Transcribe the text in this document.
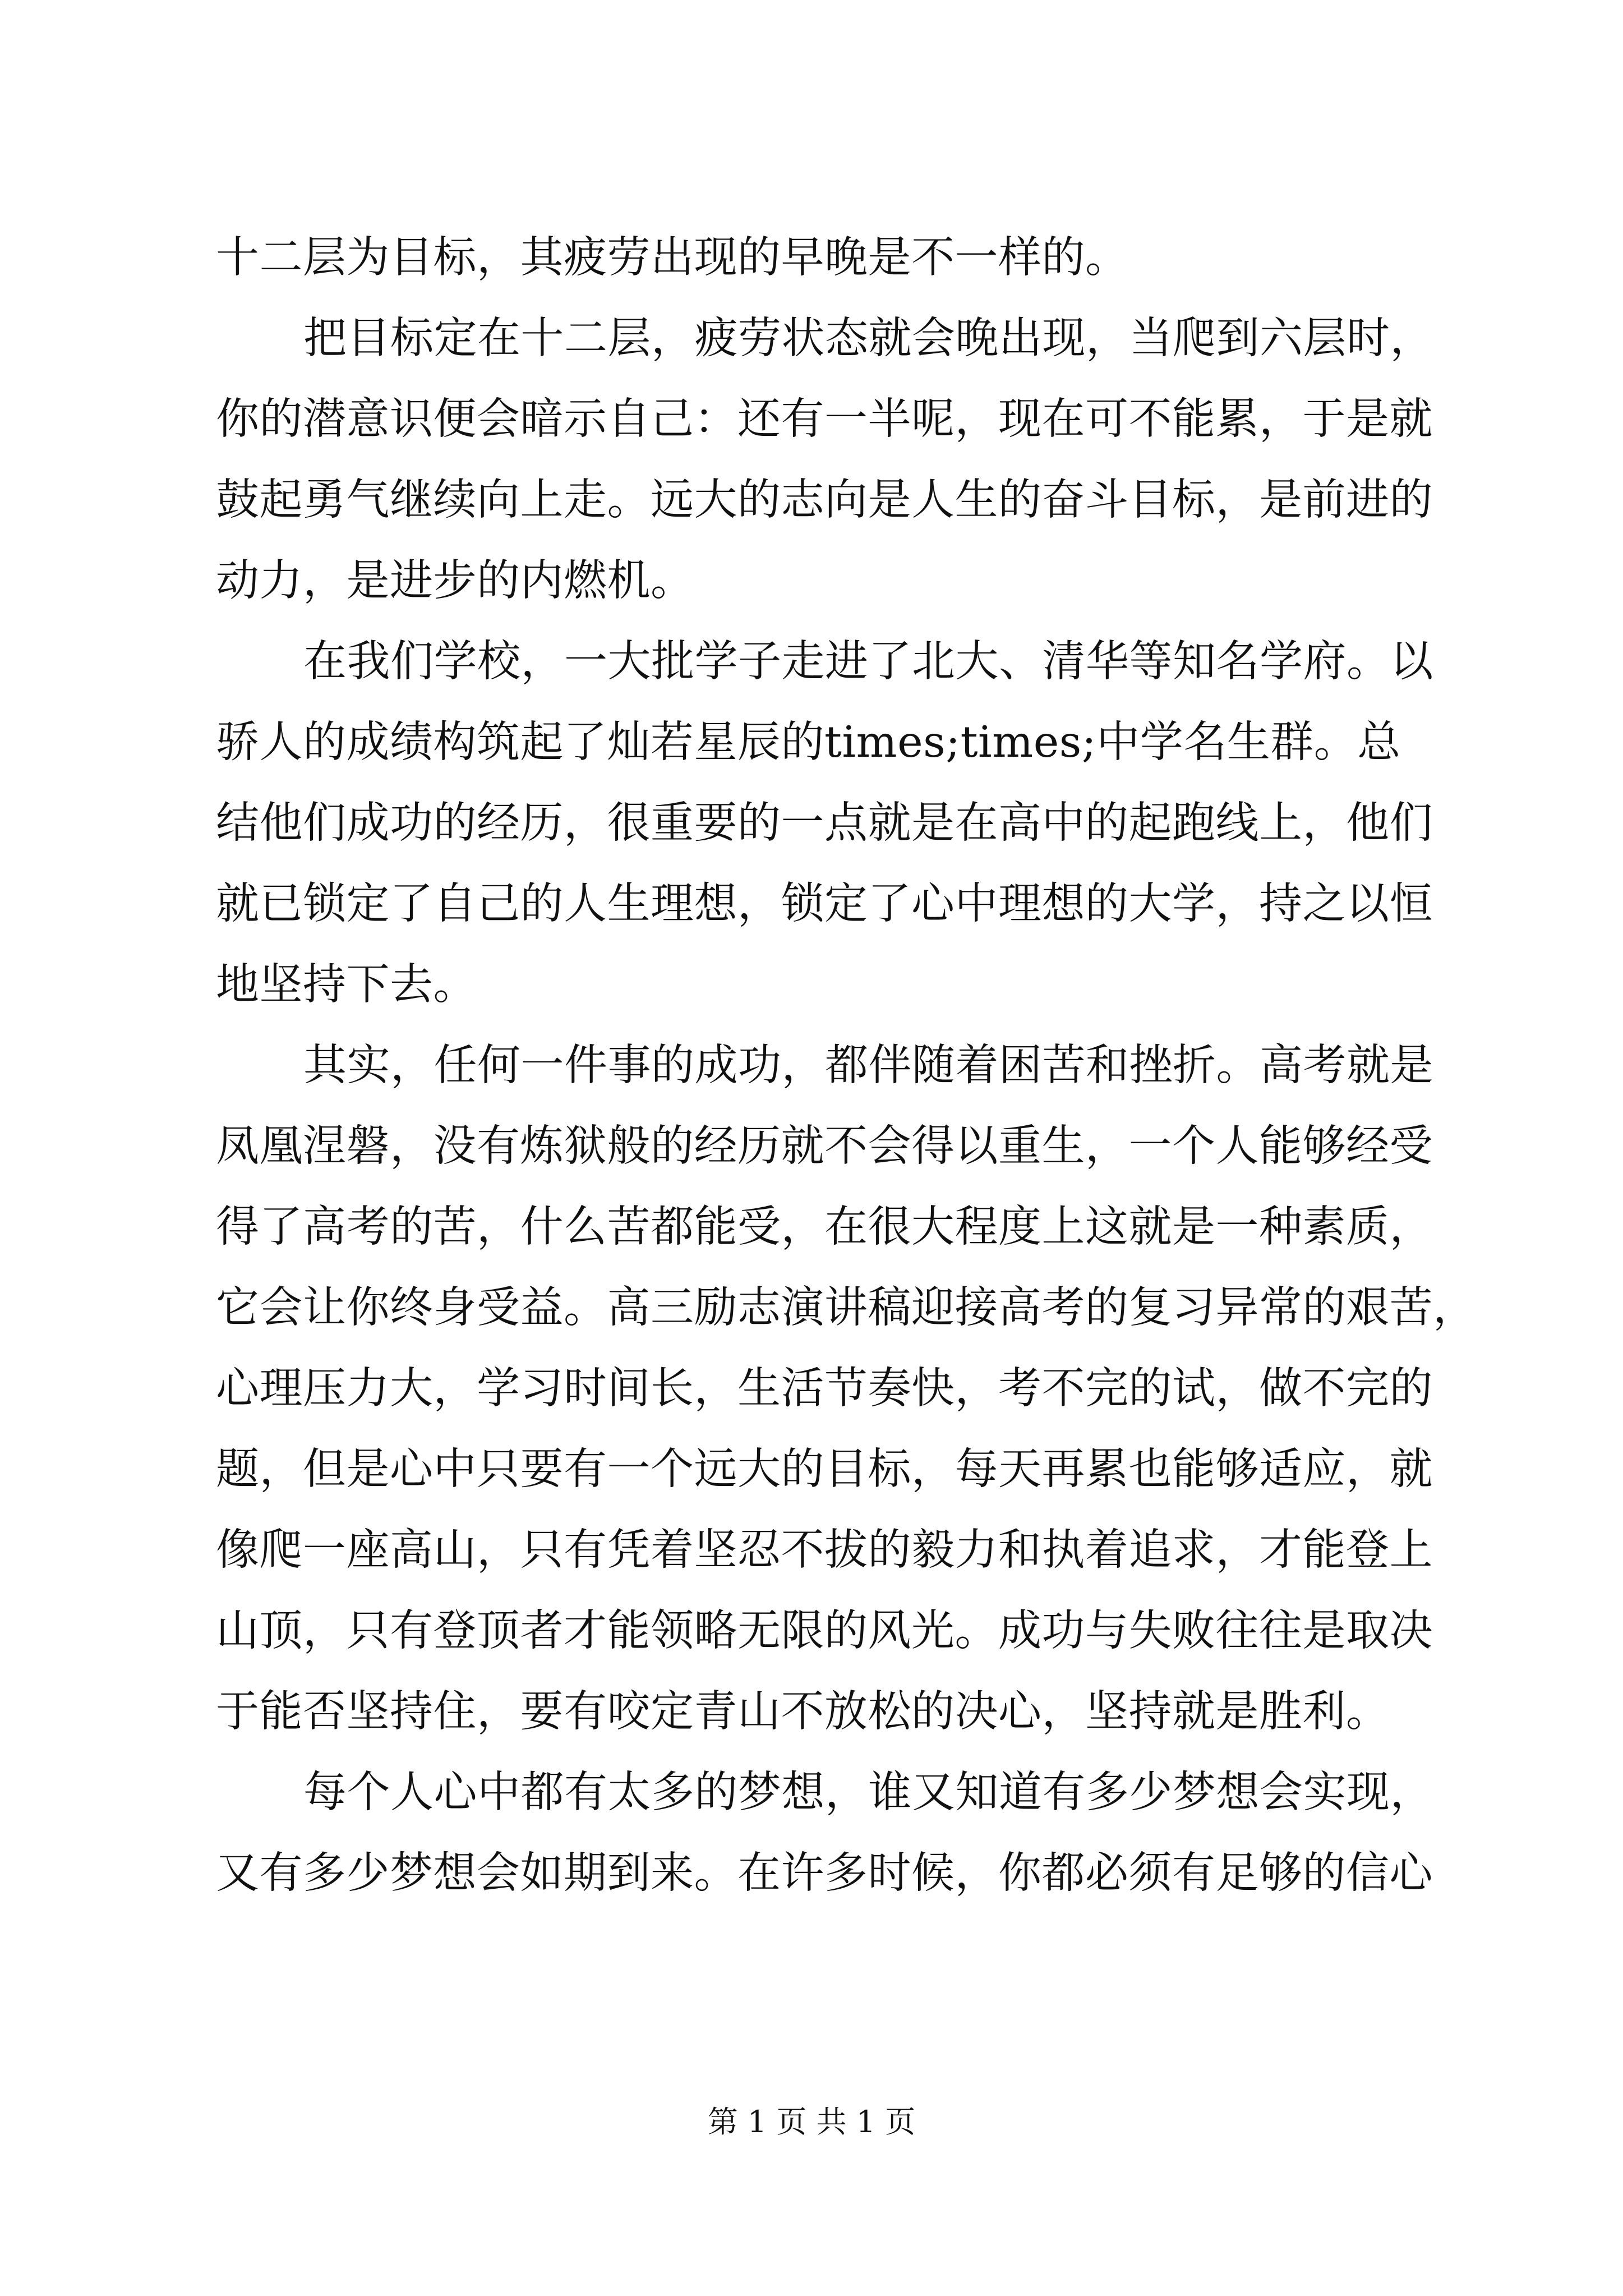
十二层为目标，其疲劳出现的早晚是不一样的。

把目标定在十二层，疲劳状态就会晚出现，当爬到六层时，
你的潜意识便会暗示自己：还有一半呢，现在可不能累，于是就
鼓起勇气继续向上走。远大的志向是人生的奋斗目标，是前进的
动力，是进步的内燃机。

在我们学校，一大批学子走进了北大、清华等知名学府。以
骄人的成绩构筑起了灿若星辰的times;times;中学名生群。总
结他们成功的经历，很重要的一点就是在高中的起跑线上，他们
就已锁定了自己的人生理想，锁定了心中理想的大学，持之以恒
地坚持下去。

其实，任何一件事的成功，都伴随着困苦和挫折。高考就是
凤凰涅磐，没有炼狱般的经历就不会得以重生，一个人能够经受
得了高考的苦，什么苦都能受，在很大程度上这就是一种素质，
它会让你终身受益。高三励志演讲稿迎接高考的复习异常的艰苦，
心理压力大，学习时间长，生活节奏快，考不完的试，做不完的
题，但是心中只要有一个远大的目标，每天再累也能够适应，就
像爬一座高山，只有凭着坚忍不拔的毅力和执着追求，才能登上
山顶，只有登顶者才能领略无限的风光。成功与失败往往是取决
于能否坚持住，要有咬定青山不放松的决心，坚持就是胜利。

每个人心中都有太多的梦想，谁又知道有多少梦想会实现，
又有多少梦想会如期到来。在许多时候，你都必须有足够的信心

第 1 页 共 1 页
